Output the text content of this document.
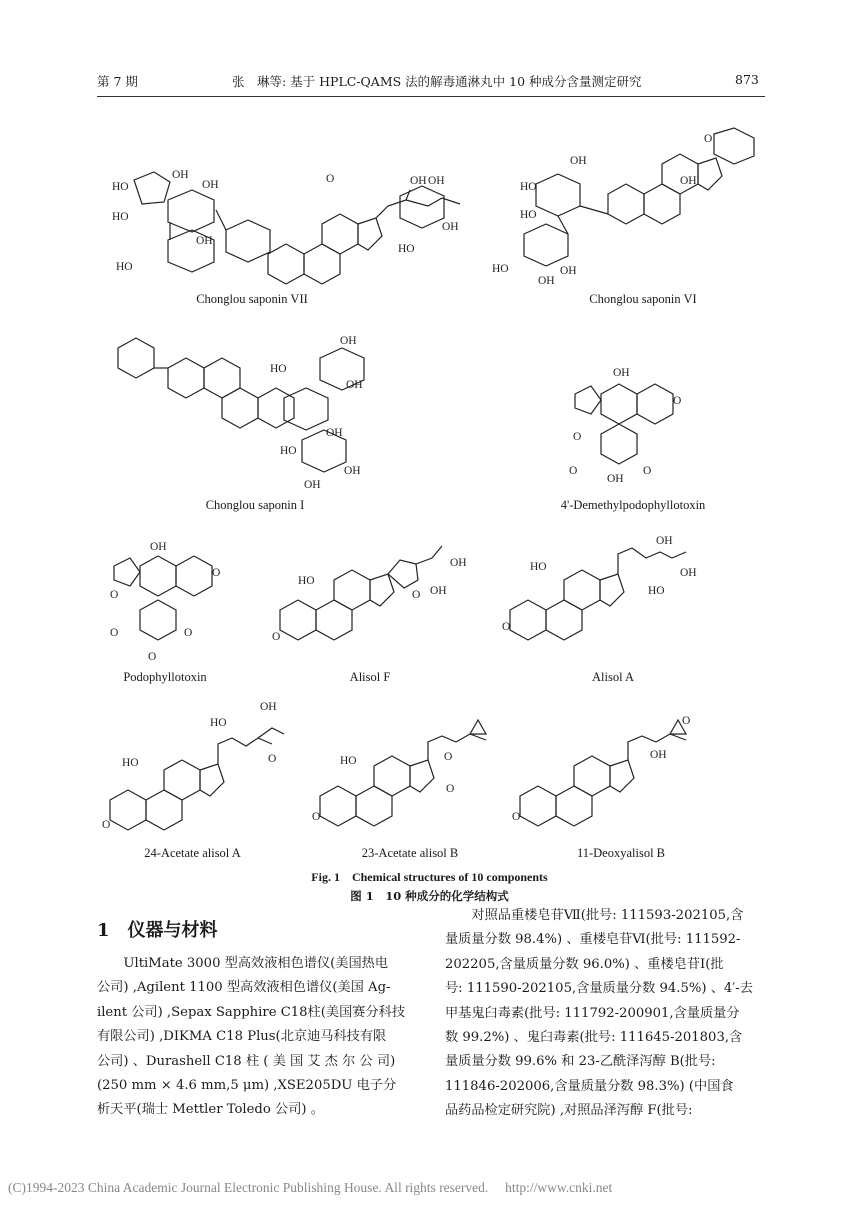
第 7 期	张　琳等: 基于 HPLC-QAMS 法的解毒通淋丸中 10 种成分含量测定研究	873
HO
HO
HO
OH
OH
OH
O	OH OH
OH
HO
Chonglou saponin VII
HO
HO
OH
HO
OH
OH
OH
O
Chonglou saponin VI
HO
OH
OH
OH
HO
OH
OH
Chonglou saponin I
OH
O
O
O	O
OH
4'-Demethylpodophyllotoxin
OH
O
O
O	O
O
Podophyllotoxin
HO
O
O
OH
OH
Alisol F
HO
O
OH
HO
OH
Alisol A
HO
OH
HO
O
O
24-Acetate alisol A
HO
O
O
O
23-Acetate alisol B
O
OH
O
11-Deoxyalisol B
Fig. 1　Chemical structures of 10 components
图 1　10 种成分的化学结构式
1　仪器与材料
UltiMate 3000 型高效液相色谱仪(美国热电
公司) ,Agilent 1100 型高效液相色谱仪(美国 Ag-
ilent 公司) ,Sepax Sapphire C18柱(美国赛分科技
有限公司) ,DIKMA C18 Plus(北京迪马科技有限
公司) 、Durashell C18 柱 ( 美 国 艾 杰 尔 公 司)
(250 mm × 4.6 mm,5 μm) ,XSE205DU 电子分
析天平(瑞士 Mettler Toledo 公司) 。
对照品重楼皂苷Ⅶ(批号: 111593-202105,含
量质量分数 98.4%) 、重楼皂苷Ⅵ(批号: 111592-
202205,含量质量分数 96.0%) 、重楼皂苷Ⅰ(批
号: 111590-202105,含量质量分数 94.5%) 、4′-去
甲基鬼臼毒素(批号: 111792-200901,含量质量分
数 99.2%) 、鬼臼毒素(批号: 111645-201803,含
量质量分数 99.6% 和 23-乙酰泽泻醇 B(批号:
111846-202006,含量质量分数 98.3%) (中国食
品药品检定研究院) ,对照品泽泻醇 F(批号:
(C)1994-2023 China Academic Journal Electronic Publishing House. All rights reserved.　 http://www.cnki.net
